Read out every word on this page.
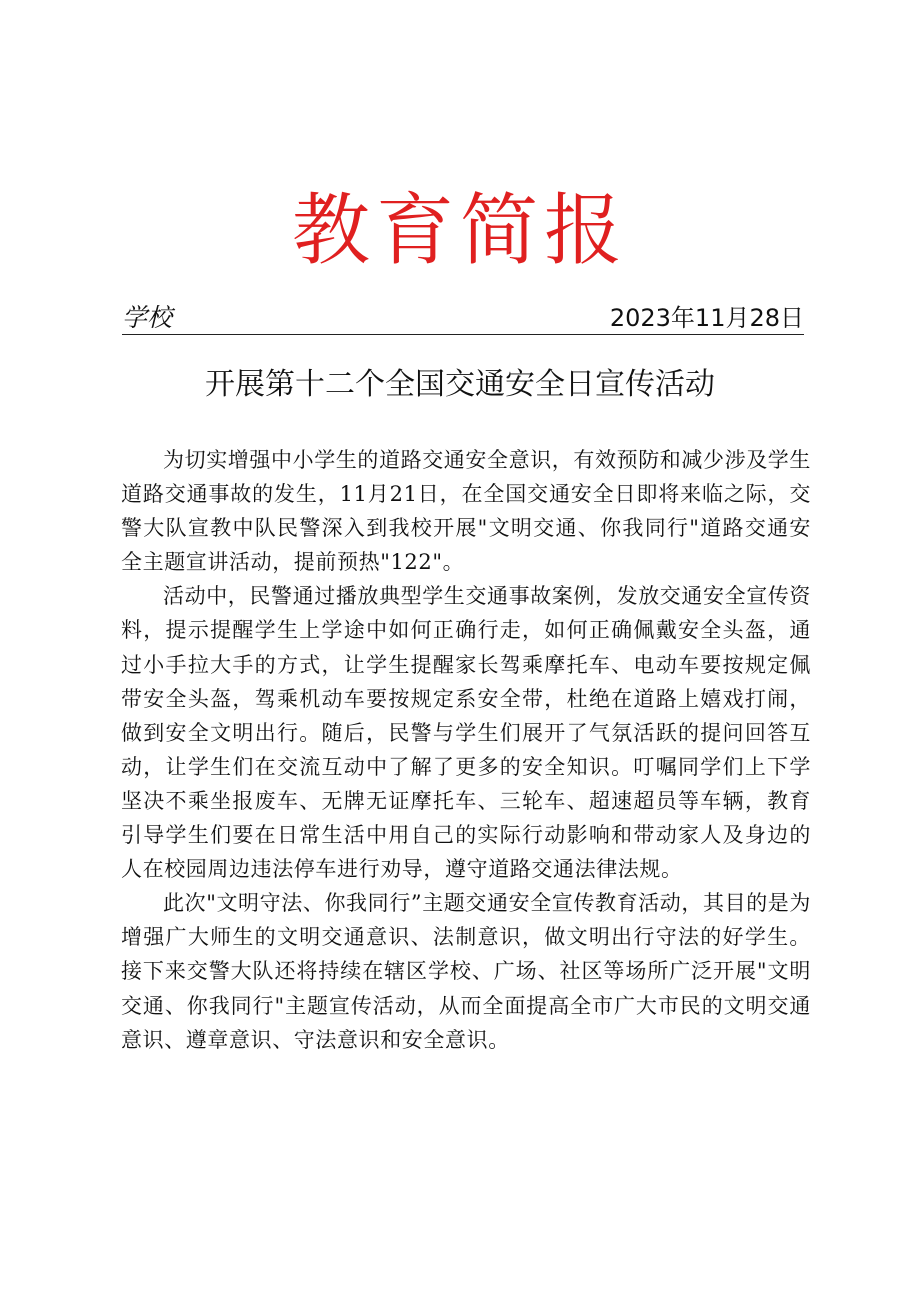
教育简报
学校	2023年11月28日
开展第十二个全国交通安全日宣传活动

为切实增强中小学生的道路交通安全意识，有效预防和减少涉及学生道路交通事故的发生，11月21日，在全国交通安全日即将来临之际，交警大队宣教中队民警深入到我校开展"文明交通、你我同行"道路交通安全主题宣讲活动，提前预热"122"。

活动中，民警通过播放典型学生交通事故案例，发放交通安全宣传资料，提示提醒学生上学途中如何正确行走，如何正确佩戴安全头盔，通过小手拉大手的方式，让学生提醒家长驾乘摩托车、电动车要按规定佩带安全头盔，驾乘机动车要按规定系安全带，杜绝在道路上嬉戏打闹，做到安全文明出行。随后，民警与学生们展开了气氛活跃的提问回答互动，让学生们在交流互动中了解了更多的安全知识。叮嘱同学们上下学坚决不乘坐报废车、无牌无证摩托车、三轮车、超速超员等车辆，教育引导学生们要在日常生活中用自己的实际行动影响和带动家人及身边的人在校园周边违法停车进行劝导，遵守道路交通法律法规。

此次"文明守法、你我同行”主题交通安全宣传教育活动，其目的是为增强广大师生的文明交通意识、法制意识，做文明出行守法的好学生。接下来交警大队还将持续在辖区学校、广场、社区等场所广泛开展"文明交通、你我同行"主题宣传活动，从而全面提高全市广大市民的文明交通意识、遵章意识、守法意识和安全意识。
